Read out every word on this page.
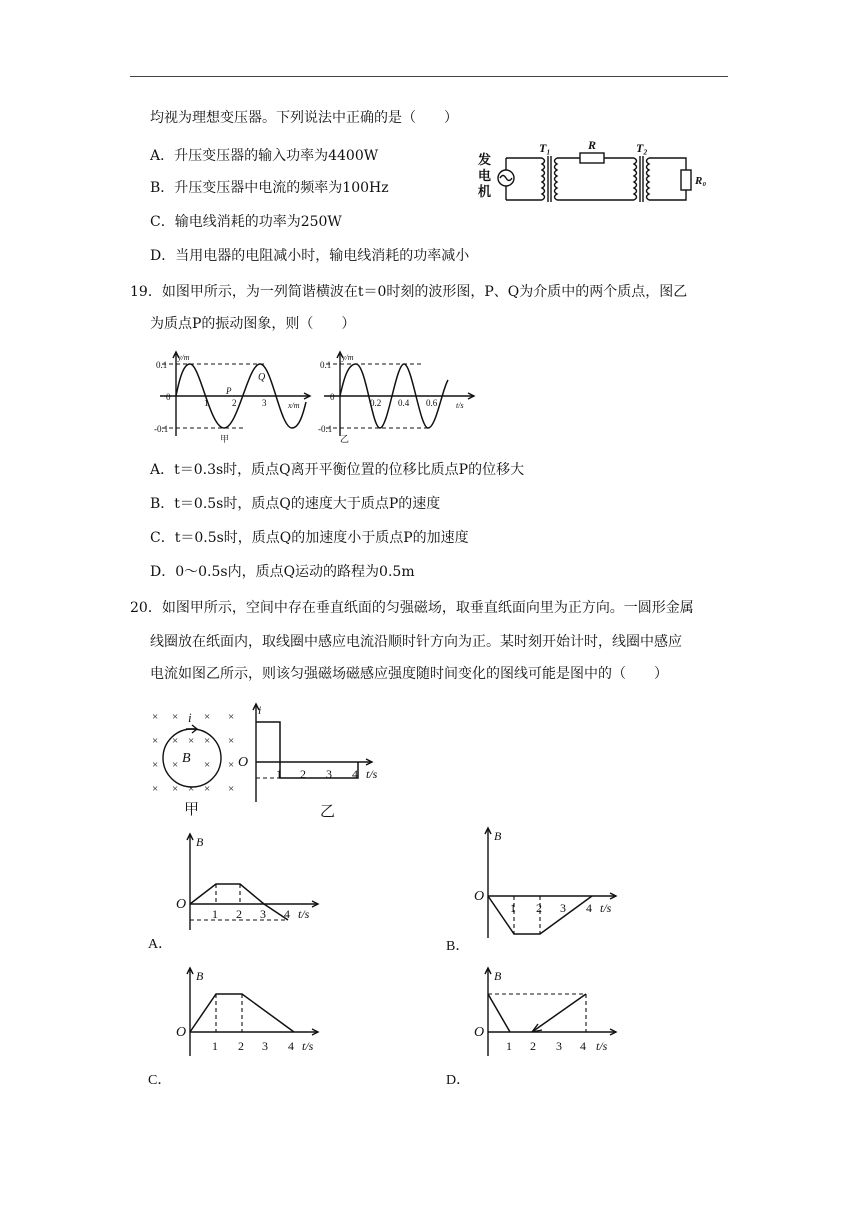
均视为理想变压器。下列说法中正确的是（　　）
A．升压变压器的输入功率为4400W
B．升压变压器中电流的频率为100Hz
C．输电线消耗的功率为250W
D．当用电器的电阻减小时，输电线消耗的功率减小
发
电
机
T₁	R	T₂
R₀
19．如图甲所示，为一列简谐横波在t＝0时刻的波形图，P、Q为介质中的两个质点，图乙
为质点P的振动图象，则（　　）
y/m
0.1
0
-0.1
1	2	3	x/m
P
Q
甲
y/m
0.1
0
-0.1
0.2 0.4 0.6 t/s
乙
A．t＝0.3s时，质点Q离开平衡位置的位移比质点P的位移大
B．t＝0.5s时，质点Q的速度大于质点P的速度
C．t＝0.5s时，质点Q的加速度小于质点P的加速度
D．0～0.5s内，质点Q运动的路程为0.5m
20．如图甲所示，空间中存在垂直纸面的匀强磁场，取垂直纸面向里为正方向。一圆形金属
线圈放在纸面内，取线圈中感应电流沿顺时针方向为正。某时刻开始计时，线圈中感应
电流如图乙所示，则该匀强磁场磁感应强度随时间变化的图线可能是图中的（　　）
× × × ×
× × × × ×
× × × ×
× × × × ×
i
B
甲
i
O
1 2 3 4 t/s
乙
A．
B
O
1 2 3 4 t/s
B．
B
O
1 2 3 4 t/s
C．
B
O
1 2 3 4 t/s
D．
B
O
1 2 3 4 t/s
